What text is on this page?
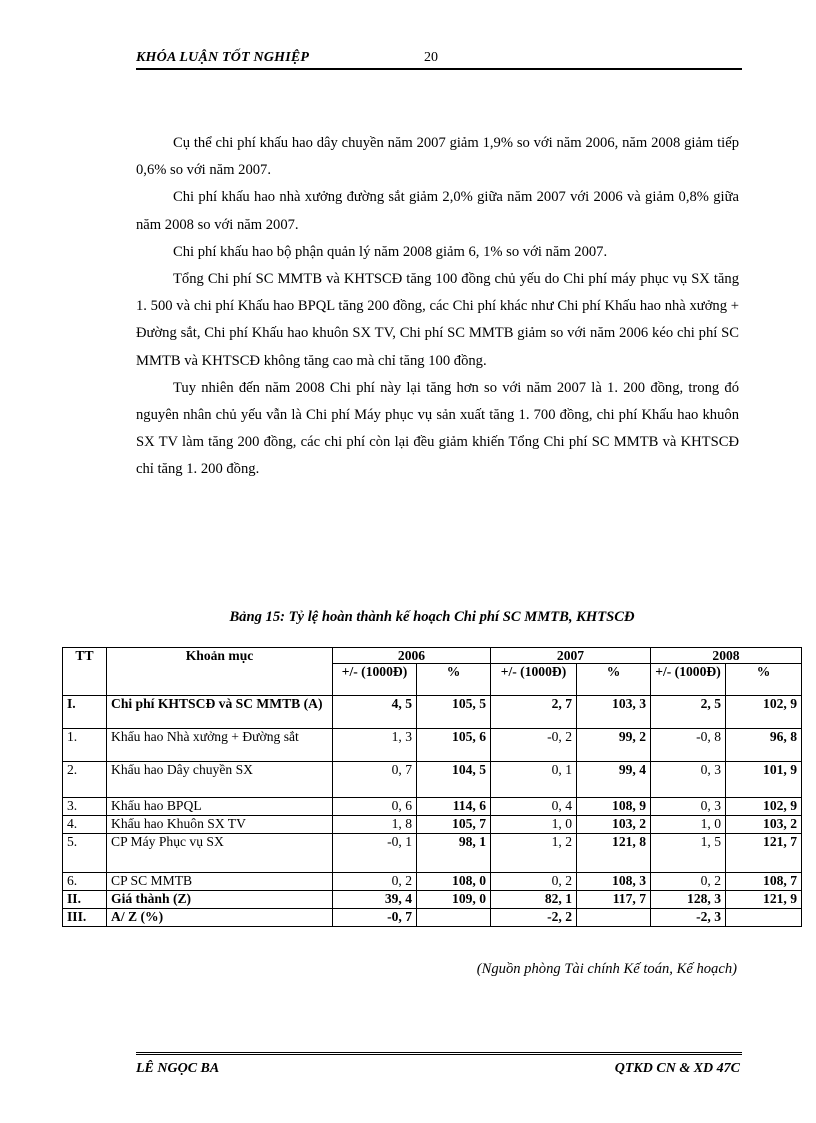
KHÓA LUẬN TỐT NGHIỆP	20

Cụ thể chi phí khấu hao dây chuyền năm 2007 giảm 1,9% so với năm 2006, năm 2008 giảm tiếp 0,6% so với năm 2007.

Chi phí khấu hao nhà xưởng đường sắt giảm 2,0% giữa năm 2007 với 2006 và giảm 0,8% giữa năm 2008 so với năm 2007.

Chi phí khấu hao bộ phận quản lý năm 2008 giảm 6, 1% so với năm 2007.

Tổng Chi phí SC MMTB và KHTSCĐ tăng 100 đồng chủ yếu do Chi phí máy phục vụ SX tăng 1. 500 và chi phí Khấu hao BPQL tăng 200 đồng, các Chi phí khác như Chi phí Khấu hao nhà xưởng + Đường sắt, Chi phí Khấu hao khuôn SX TV, Chi phí SC MMTB giảm so với năm 2006 kéo chi phí SC MMTB và KHTSCĐ không tăng cao mà chỉ tăng 100 đồng.

Tuy nhiên đến năm 2008 Chi phí này lại tăng hơn so với năm 2007 là 1. 200 đồng, trong đó nguyên nhân chủ yếu vẫn là Chi phí Máy phục vụ sản xuất tăng 1. 700 đồng, chi phí Khấu hao khuôn SX TV làm tăng 200 đồng, các chi phí còn lại đều giảm khiến Tổng Chi phí SC MMTB và KHTSCĐ chỉ tăng 1. 200 đồng.

Bảng 15: Tỷ lệ hoàn thành kế hoạch Chi phí SC MMTB, KHTSCĐ
TT	Khoản mục	2006		2007		2008	
		+/- (1000Đ)	%	+/- (1000Đ)	%	+/- (1000Đ)	%
I.	Chi phí KHTSCĐ và SC MMTB (A)	4, 5	105, 5	2, 7	103, 3	2, 5	102, 9
1.	Khấu hao Nhà xưởng + Đường sắt	1, 3	105, 6	-0, 2	99, 2	-0, 8	96, 8
2.	Khấu hao Dây chuyền SX	0, 7	104, 5	0, 1	99, 4	0, 3	101, 9
3.	Khấu hao BPQL	0, 6	114, 6	0, 4	108, 9	0, 3	102, 9
4.	Khấu hao Khuôn SX TV	1, 8	105, 7	1, 0	103, 2	1, 0	103, 2
5.	CP Máy Phục vụ SX	-0, 1	98, 1	1, 2	121, 8	1, 5	121, 7
6.	CP SC MMTB	0, 2	108, 0	0, 2	108, 3	0, 2	108, 7
II.	Giá thành (Z)	39, 4	109, 0	82, 1	117, 7	128, 3	121, 9
III.	A/ Z (%)	-0, 7		-2, 2		-2, 3	
(Nguồn phòng Tài chính Kế toán, Kế hoạch)
LÊ NGỌC BA	QTKD CN & XD 47C
